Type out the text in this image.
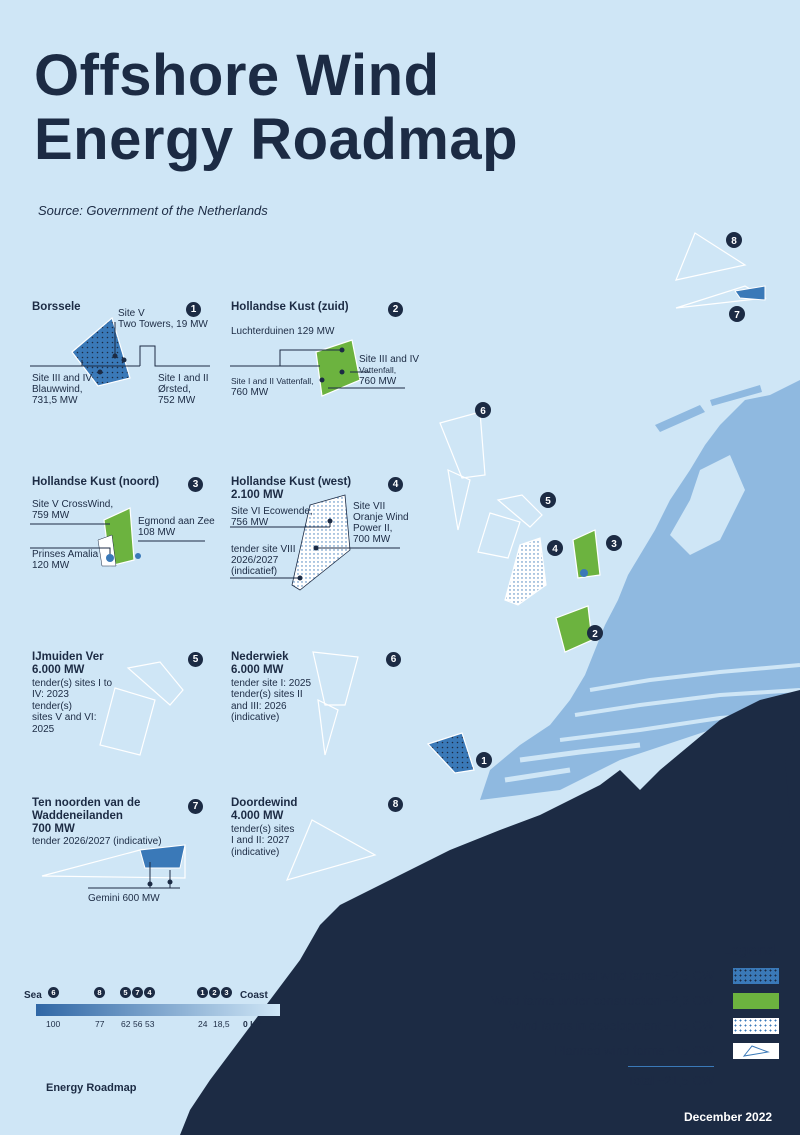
8
7
6
5
4	3
2
1
Offshore Wind
Energy Roadmap
Source: Government of the Netherlands
Borssele	1
Site V
Two Towers, 19 MW
Site III and IV
Blauwwind,
731,5 MW
Site I and II
Ørsted,
752 MW
Hollandse Kust (zuid)	2
Luchterduinen 129 MW
Site III and IV
Vattenfall,
760 MW
Site I and II Vattenfall,
760 MW
Hollandse Kust (noord)	3
Site V CrossWind,
759 MW
Egmond aan Zee
108 MW
Prinses Amalia
120 MW
Hollandse Kust (west)
2.100 MW
4
Site VI Ecowende,
756 MW
Site VII
Oranje Wind
Power II,
700 MW
tender site VIII
2026/2027
(indicatief)
IJmuiden Ver
6.000 MW
5
tender(s) sites I to
IV: 2023
tender(s)
sites V and VI:
2025
Nederwiek
6.000 MW
6
tender site I: 2025
tender(s) sites II
and III: 2026
(indicative)
Ten noorden van de
Waddeneilanden
700 MW
7
tender 2026/2027 (indicative)
Gemini 600 MW
Doordewind
4.000 MW
8
tender(s) sites
I and II: 2027
(indicative)
Sea	Coast
6	8	5	7	4	1	2	3
100	77 62 56 53	24 18,5 0 km
Legend
Operational wind farms ~2,5 GW
Wind farms under construction ~2,3 GW
Wind farms in development ~1,5 GW
Planned wind farms ~15 GW
Total ~21,5 GW
Energy Roadmap
December 2022
